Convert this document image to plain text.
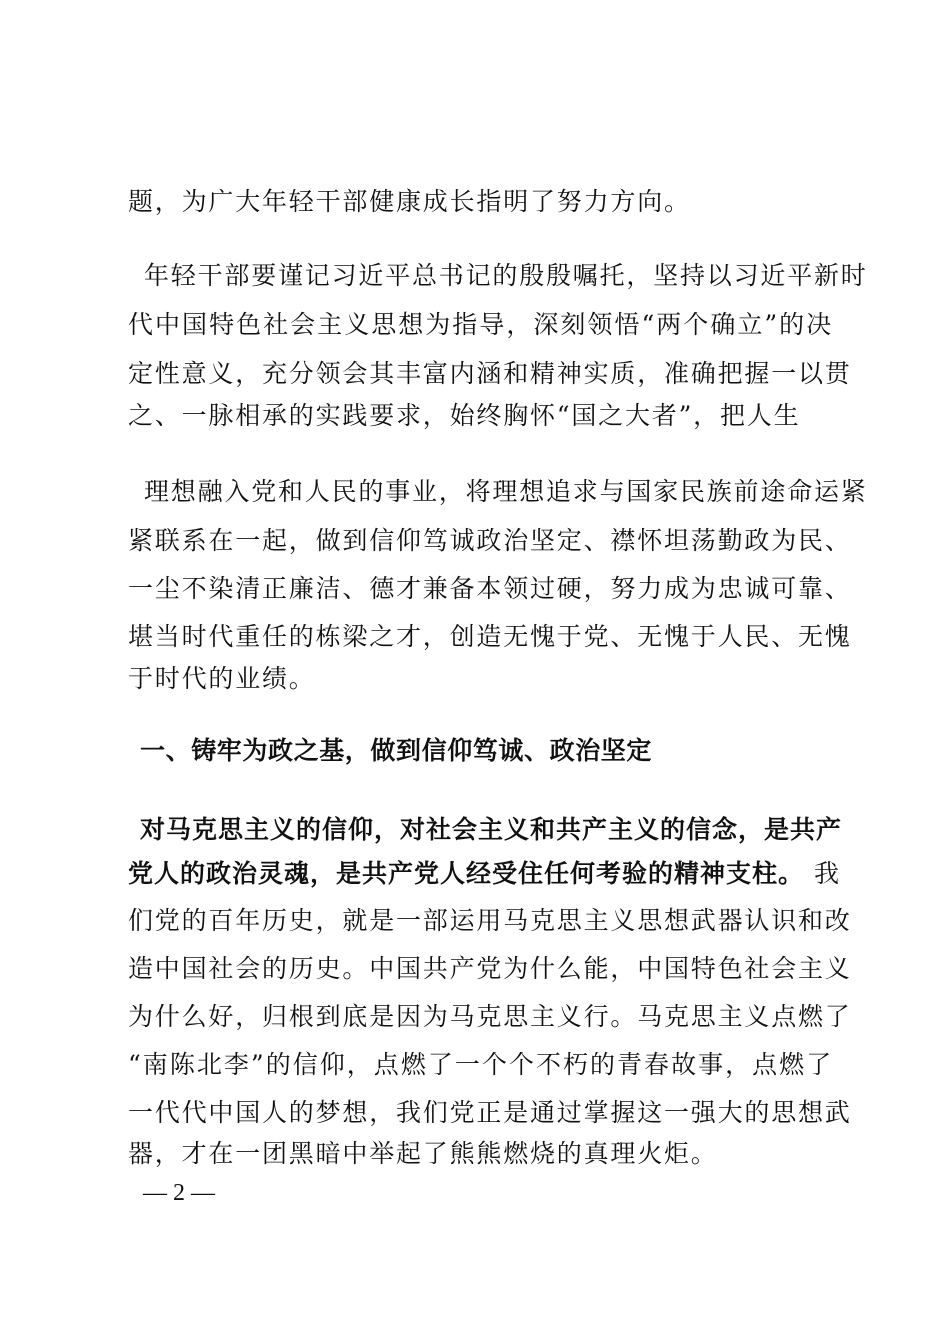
题，为广大年轻干部健康成长指明了努力方向。
年轻干部要谨记习近平总书记的殷殷嘱托，坚持以习近平新时
代中国特色社会主义思想为指导，深刻领悟“两个确立”的决
定性意义，充分领会其丰富内涵和精神实质，准确把握一以贯
之、一脉相承的实践要求，始终胸怀“国之大者”，把人生
理想融入党和人民的事业，将理想追求与国家民族前途命运紧
紧联系在一起，做到信仰笃诚政治坚定、襟怀坦荡勤政为民、
一尘不染清正廉洁、德才兼备本领过硬，努力成为忠诚可靠、
堪当时代重任的栋梁之才，创造无愧于党、无愧于人民、无愧
于时代的业绩。
一、铸牢为政之基，做到信仰笃诚、政治坚定
对马克思主义的信仰，对社会主义和共产主义的信念，是共产
党人的政治灵魂，是共产党人经受住任何考验的精神支柱。 我
们党的百年历史，就是一部运用马克思主义思想武器认识和改
造中国社会的历史。中国共产党为什么能，中国特色社会主义
为什么好，归根到底是因为马克思主义行。马克思主义点燃了
“南陈北李”的信仰，点燃了一个个不朽的青春故事，点燃了
一代代中国人的梦想，我们党正是通过掌握这一强大的思想武
器，才在一团黑暗中举起了熊熊燃烧的真理火炬。
— 2 —
